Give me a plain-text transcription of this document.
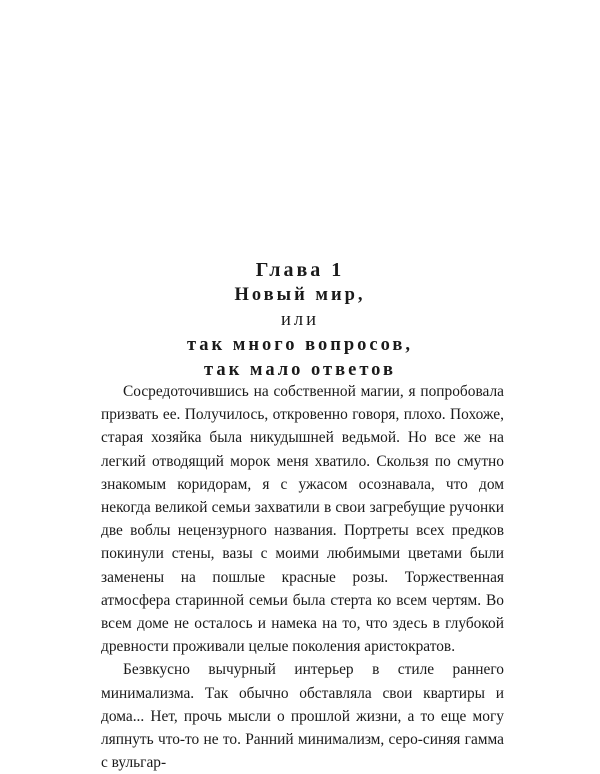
Глава 1
Новый мир,
или
так много вопросов,
так мало ответов

Сосредоточившись на собственной магии, я попробовала призвать ее. Получилось, откровенно говоря, плохо. Похоже, старая хозяйка была никудышней ведьмой. Но все же на легкий отводящий морок меня хватило. Скользя по смутно знакомым коридорам, я с ужасом осознавала, что дом некогда великой семьи захватили в свои загребущие ручонки две воблы нецензурного названия. Портреты всех предков покинули стены, вазы с моими любимыми цветами были заменены на пошлые красные розы. Торжественная атмосфера старинной семьи была стерта ко всем чертям. Во всем доме не осталось и намека на то, что здесь в глубокой древности проживали целые поколения аристократов.

Безвкусно вычурный интерьер в стиле раннего минимализма. Так обычно обставляла свои квартиры и дома... Нет, прочь мысли о прошлой жизни, а то еще могу ляпнуть что-то не то. Ранний минимализм, серо-синяя гамма с вульгар-
